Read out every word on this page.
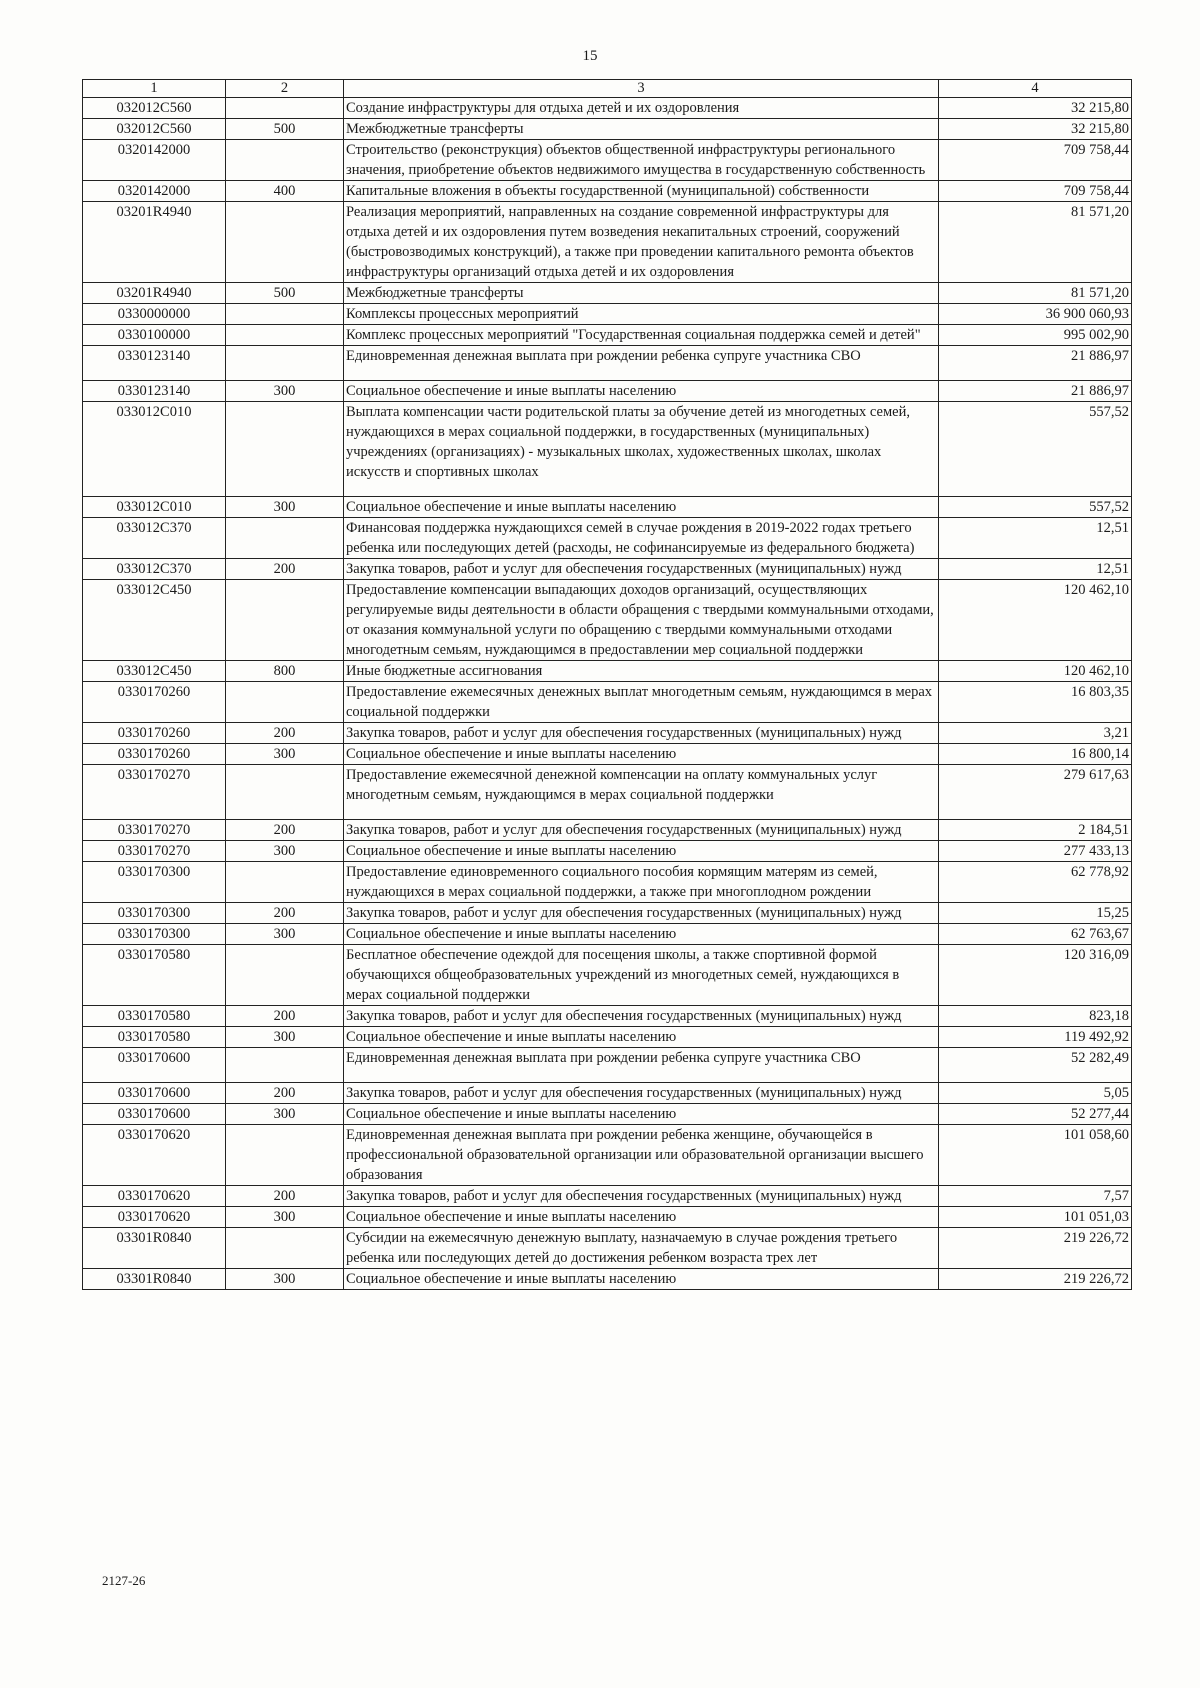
15
1	2	3	4
032012C560		Создание инфраструктуры для отдыха детей и их оздоровления	32 215,80
032012C560	500	Межбюджетные трансферты	32 215,80
0320142000		Строительство (реконструкция) объектов общественной инфраструктуры регионального значения, приобретение объектов недвижимого имущества в государственную собственность	709 758,44
0320142000	400	Капитальные вложения в объекты государственной (муниципальной) собственности	709 758,44
03201R4940		Реализация мероприятий, направленных на создание современной инфраструктуры для отдыха детей и их оздоровления путем возведения некапитальных строений, сооружений (быстровозводимых конструкций), а также при проведении капитального ремонта объектов инфраструктуры организаций отдыха детей и их оздоровления	81 571,20
03201R4940	500	Межбюджетные трансферты	81 571,20
0330000000		Комплексы процессных мероприятий	36 900 060,93
0330100000		Комплекс процессных мероприятий "Государственная социальная поддержка семей и детей"	995 002,90
0330123140		Единовременная денежная выплата при рождении ребенка супруге участника СВО	21 886,97
0330123140	300	Социальное обеспечение и иные выплаты населению	21 886,97
033012C010		Выплата компенсации части родительской платы за обучение детей из многодетных семей, нуждающихся в мерах социальной поддержки, в государственных (муниципальных) учреждениях (организациях) - музыкальных школах, художественных школах, школах искусств и спортивных школах	557,52
033012C010	300	Социальное обеспечение и иные выплаты населению	557,52
033012C370		Финансовая поддержка нуждающихся семей в случае рождения в 2019-2022 годах третьего ребенка или последующих детей (расходы, не софинансируемые из федерального бюджета)	12,51
033012C370	200	Закупка товаров, работ и услуг для обеспечения государственных (муниципальных) нужд	12,51
033012C450		Предоставление компенсации выпадающих доходов организаций, осуществляющих регулируемые виды деятельности в области обращения с твердыми коммунальными отходами, от оказания коммунальной услуги по обращению с твердыми коммунальными отходами многодетным семьям, нуждающимся в предоставлении мер социальной поддержки	120 462,10
033012C450	800	Иные бюджетные ассигнования	120 462,10
0330170260		Предоставление ежемесячных денежных выплат многодетным семьям, нуждающимся в мерах социальной поддержки	16 803,35
0330170260	200	Закупка товаров, работ и услуг для обеспечения государственных (муниципальных) нужд	3,21
0330170260	300	Социальное обеспечение и иные выплаты населению	16 800,14
0330170270		Предоставление ежемесячной денежной компенсации на оплату коммунальных услуг многодетным семьям, нуждающимся в мерах социальной поддержки	279 617,63
0330170270	200	Закупка товаров, работ и услуг для обеспечения государственных (муниципальных) нужд	2 184,51
0330170270	300	Социальное обеспечение и иные выплаты населению	277 433,13
0330170300		Предоставление единовременного социального пособия кормящим матерям из семей, нуждающихся в мерах социальной поддержки, а также при многоплодном рождении	62 778,92
0330170300	200	Закупка товаров, работ и услуг для обеспечения государственных (муниципальных) нужд	15,25
0330170300	300	Социальное обеспечение и иные выплаты населению	62 763,67
0330170580		Бесплатное обеспечение одеждой для посещения школы, а также спортивной формой обучающихся общеобразовательных учреждений из многодетных семей, нуждающихся в мерах социальной поддержки	120 316,09
0330170580	200	Закупка товаров, работ и услуг для обеспечения государственных (муниципальных) нужд	823,18
0330170580	300	Социальное обеспечение и иные выплаты населению	119 492,92
0330170600		Единовременная денежная выплата при рождении ребенка супруге участника СВО	52 282,49
0330170600	200	Закупка товаров, работ и услуг для обеспечения государственных (муниципальных) нужд	5,05
0330170600	300	Социальное обеспечение и иные выплаты населению	52 277,44
0330170620		Единовременная денежная выплата при рождении ребенка женщине, обучающейся в профессиональной образовательной организации или образовательной организации высшего образования	101 058,60
0330170620	200	Закупка товаров, работ и услуг для обеспечения государственных (муниципальных) нужд	7,57
0330170620	300	Социальное обеспечение и иные выплаты населению	101 051,03
03301R0840		Субсидии на ежемесячную денежную выплату, назначаемую в случае рождения третьего ребенка или последующих детей до достижения ребенком возраста трех лет	219 226,72
03301R0840	300	Социальное обеспечение и иные выплаты населению	219 226,72
2127-26
